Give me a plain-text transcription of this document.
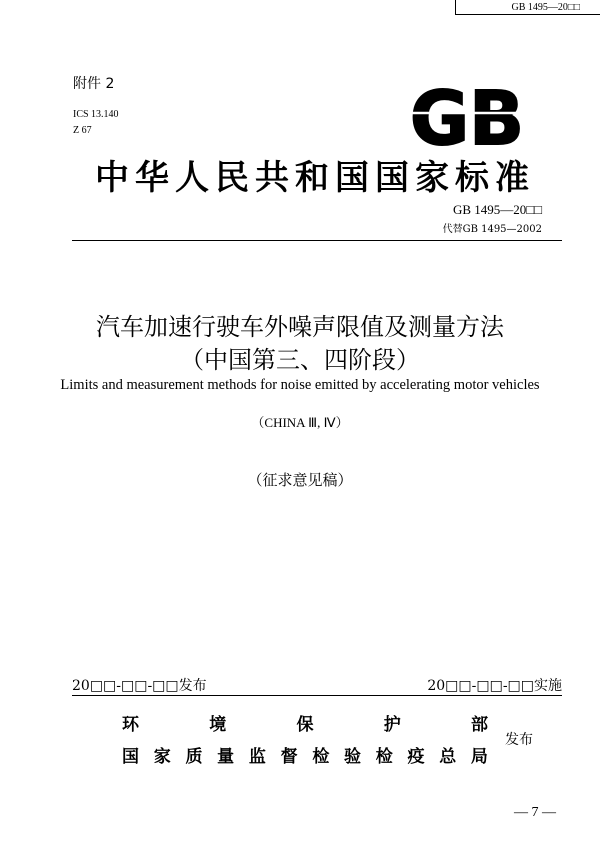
GB 1495—20□□
附件 2
ICS 13.140
Z 67	GB
中华人民共和国国家标准
GB 1495—20□□
代替GB 1495—2002
汽车加速行驶车外噪声限值及测量方法
（中国第三、四阶段）
Limits and measurement methods for noise emitted by accelerating motor vehicles
（CHINA Ⅲ, Ⅳ）
（征求意见稿）
20□□-□□-□□发布	20□□-□□-□□实施
环	境	保	护	部
国 家 质 量 监 督 检 验 检 疫 总 局
发布
— 7 —
